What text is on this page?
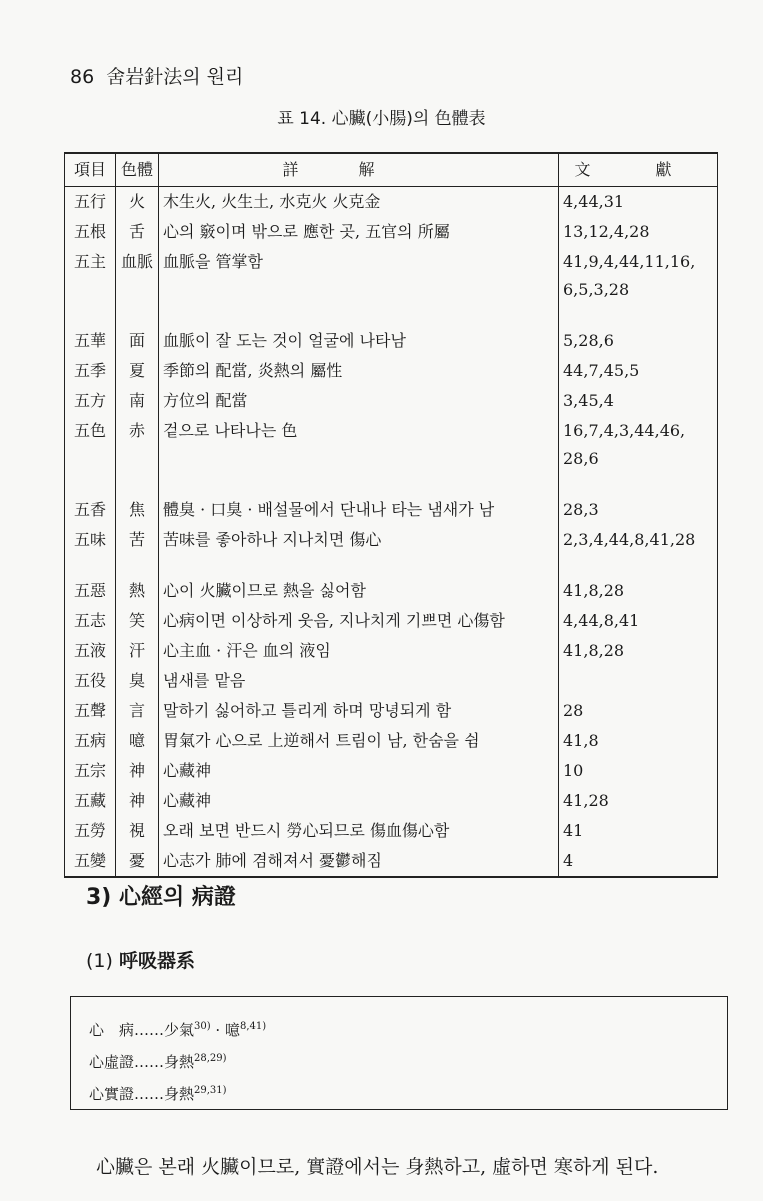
86 舍岩針法의 원리
표 14. 心臟(小腸)의 色體表
項目	色體	詳解	文 獻
五行	火	木生火, 火生土, 水克火 火克金	4,44,31
五根	舌	心의 竅이며 밖으로 應한 곳, 五官의 所屬	13,12,4,28
五主	血脈	血脈을 管掌함	41,9,4,44,11,16, 6,5,3,28
五華	面	血脈이 잘 도는 것이 얼굴에 나타남	5,28,6
五季	夏	季節의 配當, 炎熱의 屬性	44,7,45,5
五方	南	方位의 配當	3,45,4
五色	赤	겉으로 나타나는 色	16,7,4,3,44,46, 28,6
五香	焦	體臭 · 口臭 · 배설물에서 단내나 타는 냄새가 남	28,3
五味	苦	苦味를 좋아하나 지나치면 傷心	2,3,4,44,8,41,28
五惡	熱	心이 火臟이므로 熱을 싫어함	41,8,28
五志	笑	心病이면 이상하게 웃음, 지나치게 기쁘면 心傷함	4,44,8,41
五液	汗	心主血 · 汗은 血의 液임	41,8,28
五役	臭	냄새를 맡음	
五聲	言	말하기 싫어하고 틀리게 하며 망녕되게 함	28
五病	噫	胃氣가 心으로 上逆해서 트림이 남, 한숨을 쉼	41,8
五宗	神	心藏神	10
五藏	神	心藏神	41,28
五勞	視	오래 보면 반드시 勞心되므로 傷血傷心함	41
五變	憂	心志가 肺에 겸해져서 憂鬱해짐	4
3) 心經의 病證
(1) 呼吸器系
心　病……少氣$^{30)}$ · 噫$^{8,41)}$
心虛證……身熱$^{28,29)}$
心實證……身熱$^{29,31)}$
心臟은 본래 火臟이므로, 實證에서는 身熱하고, 虛하면 寒하게 된다.
